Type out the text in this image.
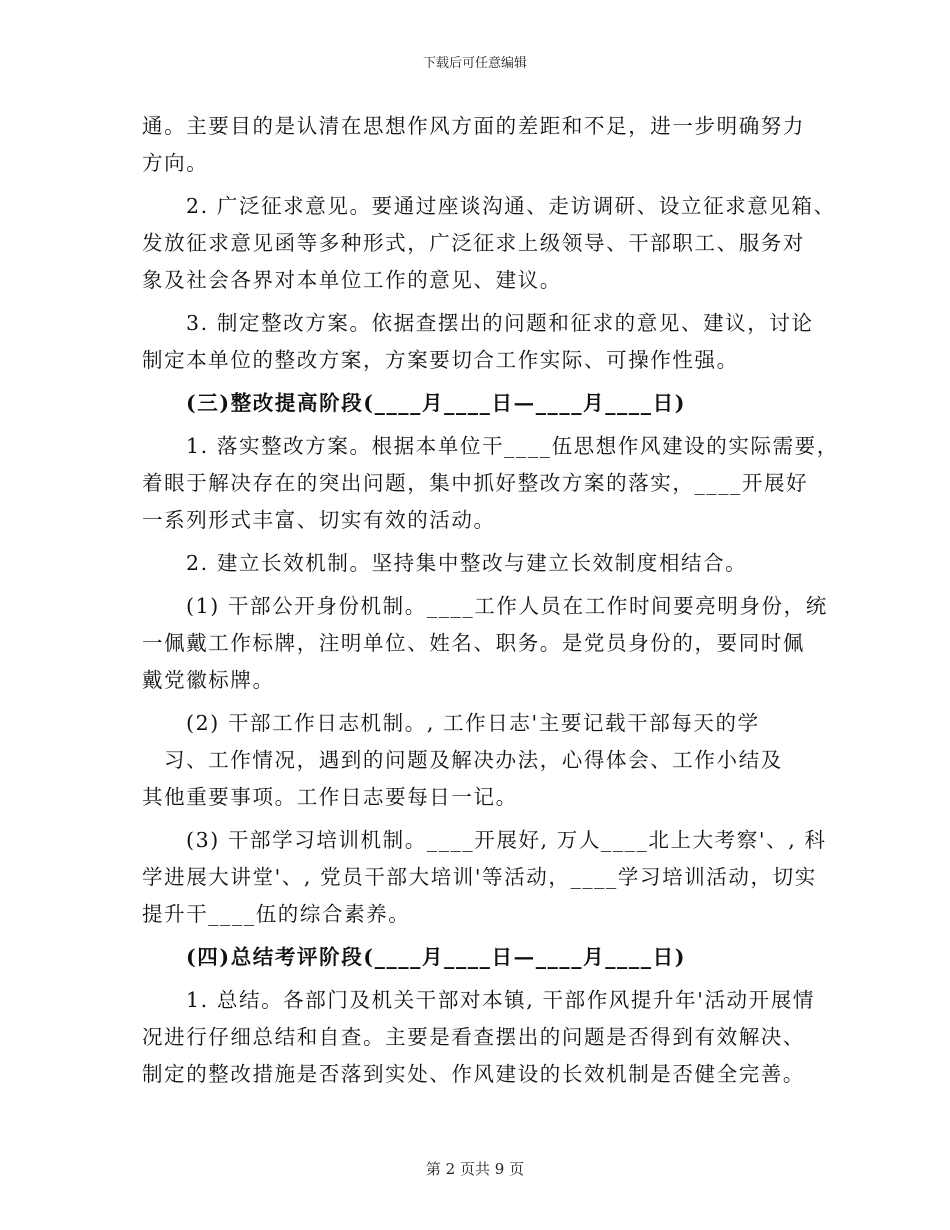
下载后可任意编辑
通。主要目的是认清在思想作风方面的差距和不足，进一步明确努力
方向。
2. 广泛征求意见。要通过座谈沟通、走访调研、设立征求意见箱、
发放征求意见函等多种形式，广泛征求上级领导、干部职工、服务对
象及社会各界对本单位工作的意见、建议。
3. 制定整改方案。依据查摆出的问题和征求的意见、建议，讨论
制定本单位的整改方案，方案要切合工作实际、可操作性强。
(三)整改提高阶段(____月____日—____月____日)
1. 落实整改方案。根据本单位干____伍思想作风建设的实际需要，
着眼于解决存在的突出问题，集中抓好整改方案的落实，____开展好
一系列形式丰富、切实有效的活动。
2. 建立长效机制。坚持集中整改与建立长效制度相结合。
(1) 干部公开身份机制。____工作人员在工作时间要亮明身份，统
一佩戴工作标牌，注明单位、姓名、职务。是党员身份的，要同时佩
戴党徽标牌。
(2) 干部工作日志机制。, 工作日志'主要记载干部每天的学
习、工作情况，遇到的问题及解决办法，心得体会、工作小结及
其他重要事项。工作日志要每日一记。
(3) 干部学习培训机制。____开展好, 万人____北上大考察'、, 科
学进展大讲堂'、, 党员干部大培训'等活动，____学习培训活动，切实
提升干____伍的综合素养。
(四)总结考评阶段(____月____日—____月____日)
1. 总结。各部门及机关干部对本镇, 干部作风提升年'活动开展情
况进行仔细总结和自查。主要是看查摆出的问题是否得到有效解决、
制定的整改措施是否落到实处、作风建设的长效机制是否健全完善。
第 2 页共 9 页
